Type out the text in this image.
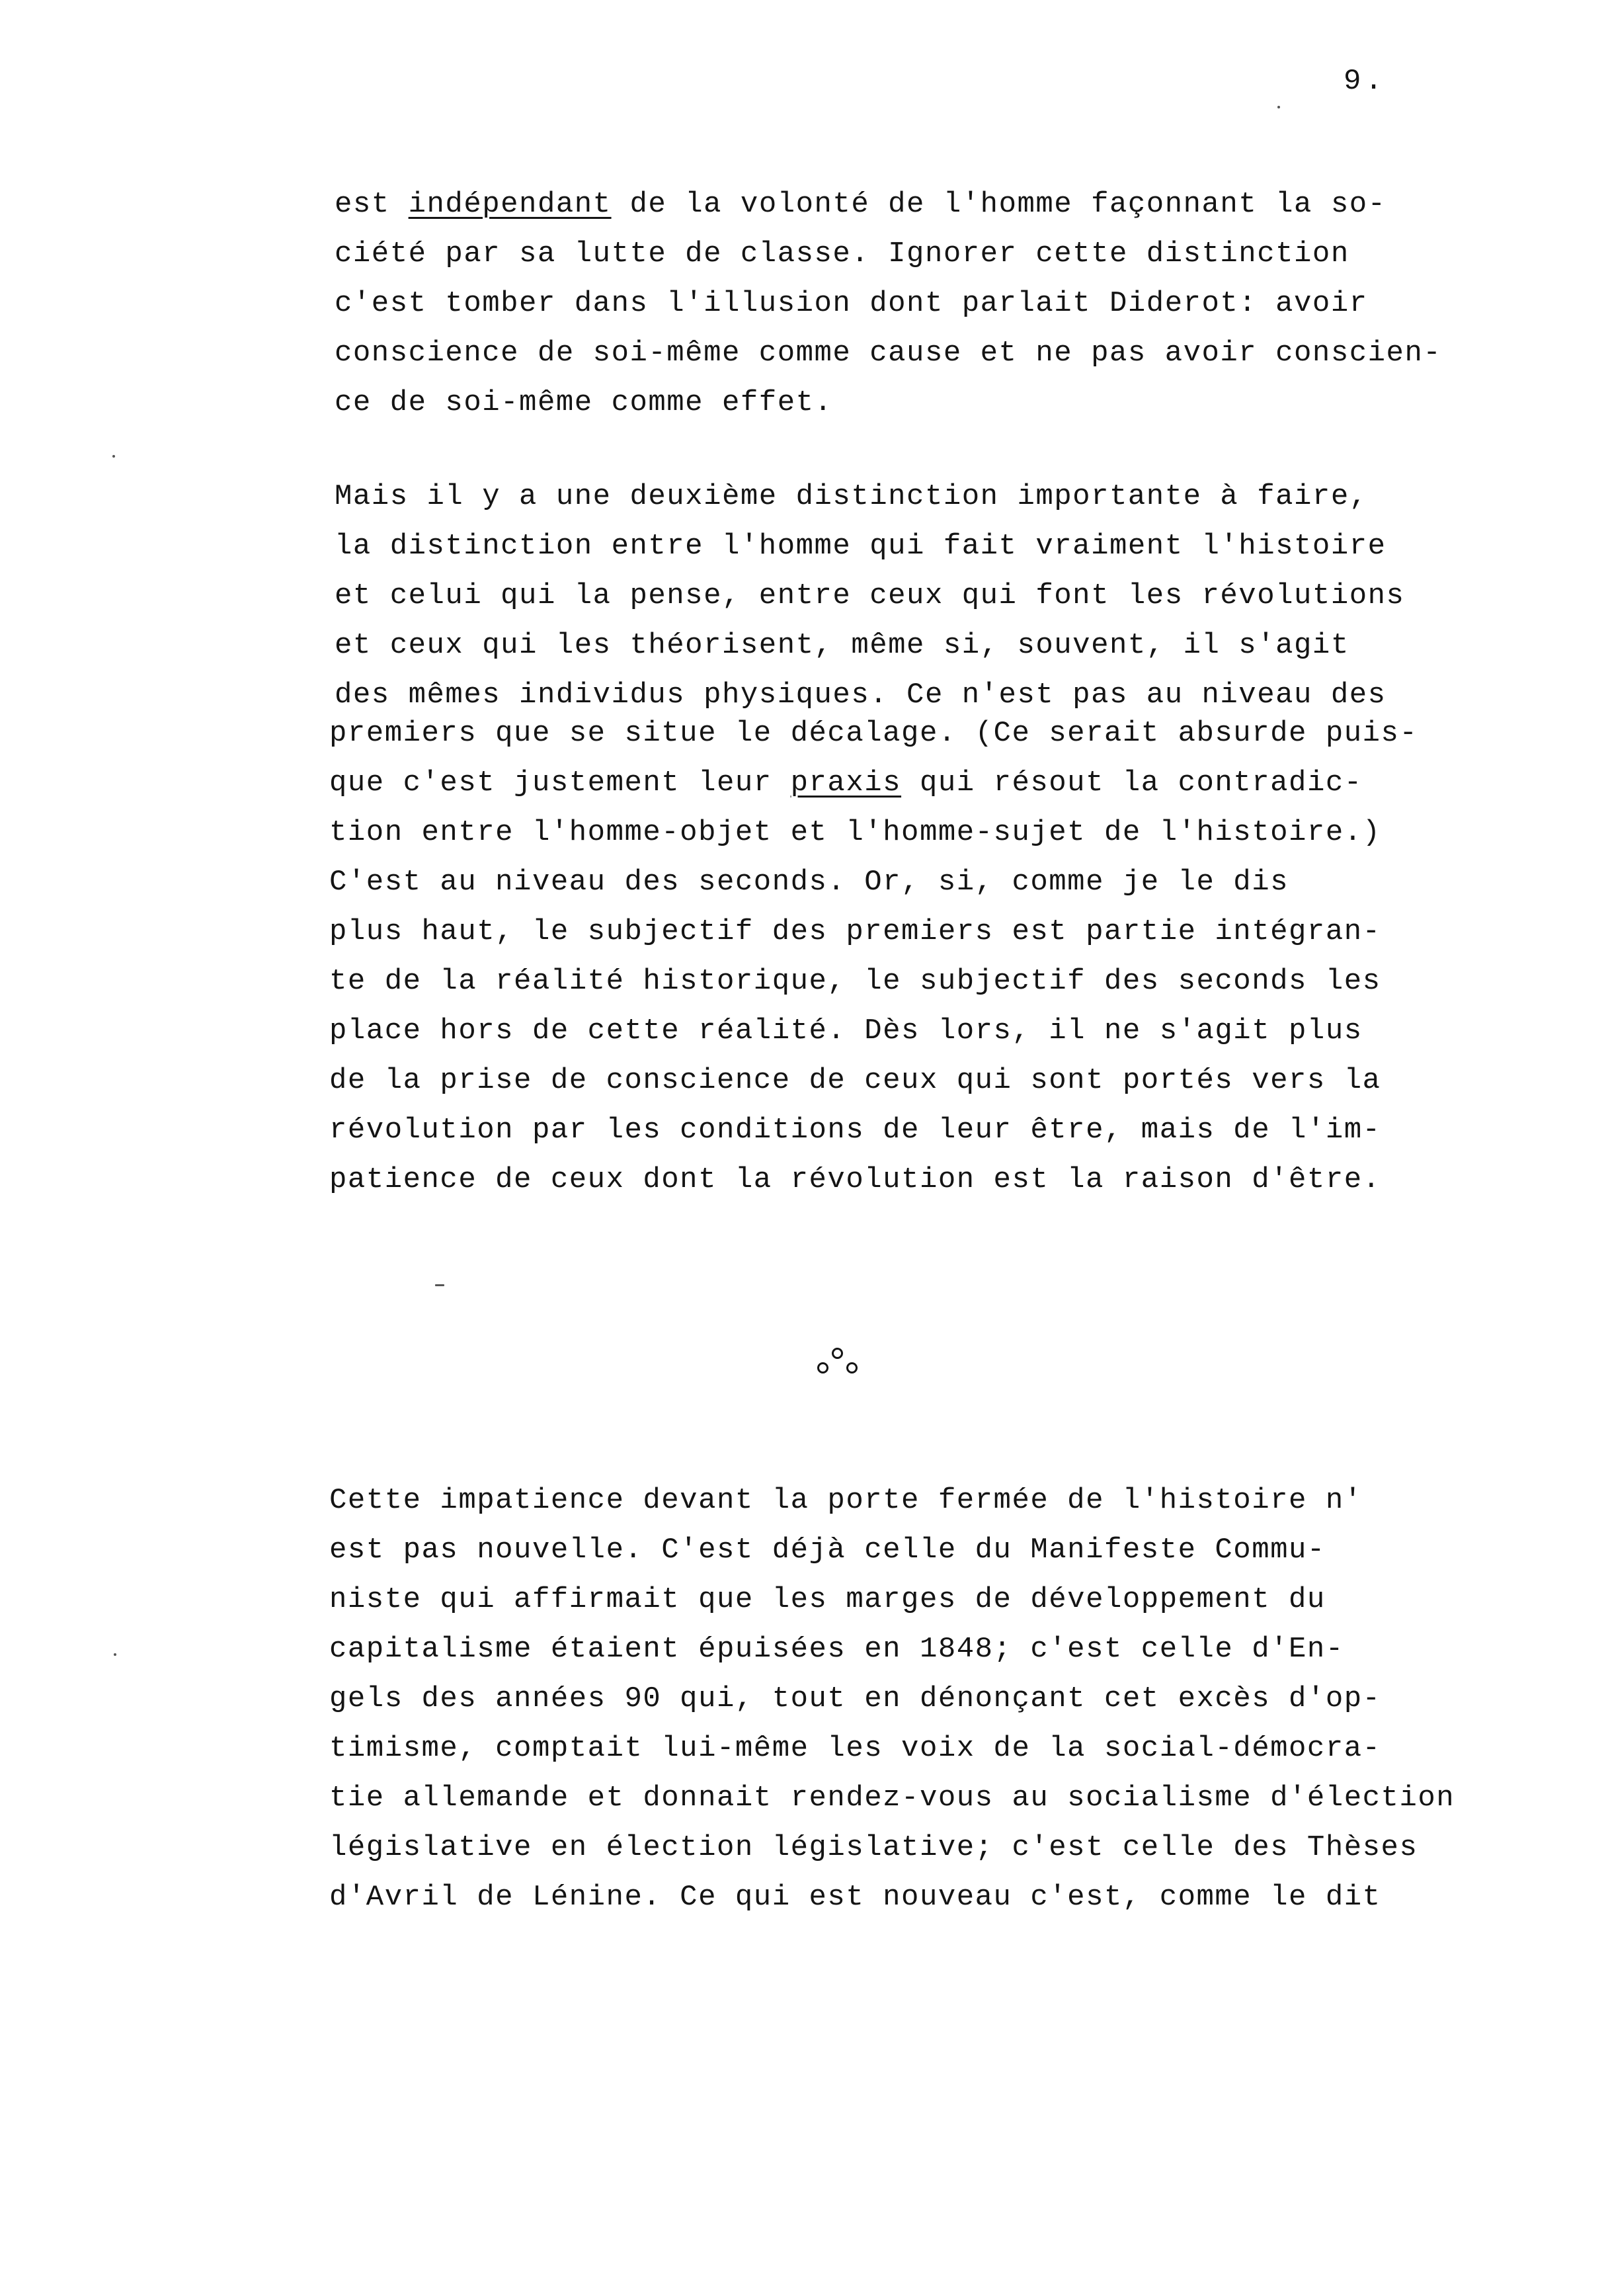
9.
est indépendant de la volonté de l'homme façonnant la so-
ciété par sa lutte de classe. Ignorer cette distinction
c'est tomber dans l'illusion dont parlait Diderot: avoir
conscience de soi-même comme cause et ne pas avoir conscien-
ce de soi-même comme effet.
Mais il y a une deuxième distinction importante à faire,
la distinction entre l'homme qui fait vraiment l'histoire
et celui qui la pense, entre ceux qui font les révolutions
et ceux qui les théorisent, même si, souvent, il s'agit
des mêmes individus physiques. Ce n'est pas au niveau des
premiers que se situe le décalage. (Ce serait absurde puis-
que c'est justement leur praxis qui résout la contradic-
tion entre l'homme-objet et l'homme-sujet de l'histoire.)
C'est au niveau des seconds. Or, si, comme je le dis
plus haut, le subjectif des premiers est partie intégran-
te de la réalité historique, le subjectif des seconds les
place hors de cette réalité. Dès lors, il ne s'agit plus
de la prise de conscience de ceux qui sont portés vers la
révolution par les conditions de leur être, mais de l'im-
patience de ceux dont la révolution est la raison d'être.
Cette impatience devant la porte fermée de l'histoire n'
est pas nouvelle. C'est déjà celle du Manifeste Commu-
niste qui affirmait que les marges de développement du
capitalisme étaient épuisées en 1848; c'est celle d'En-
gels des années 90 qui, tout en dénonçant cet excès d'op-
timisme, comptait lui-même les voix de la social-démocra-
tie allemande et donnait rendez-vous au socialisme d'élection
législative en élection législative; c'est celle des Thèses
d'Avril de Lénine. Ce qui est nouveau c'est, comme le dit
